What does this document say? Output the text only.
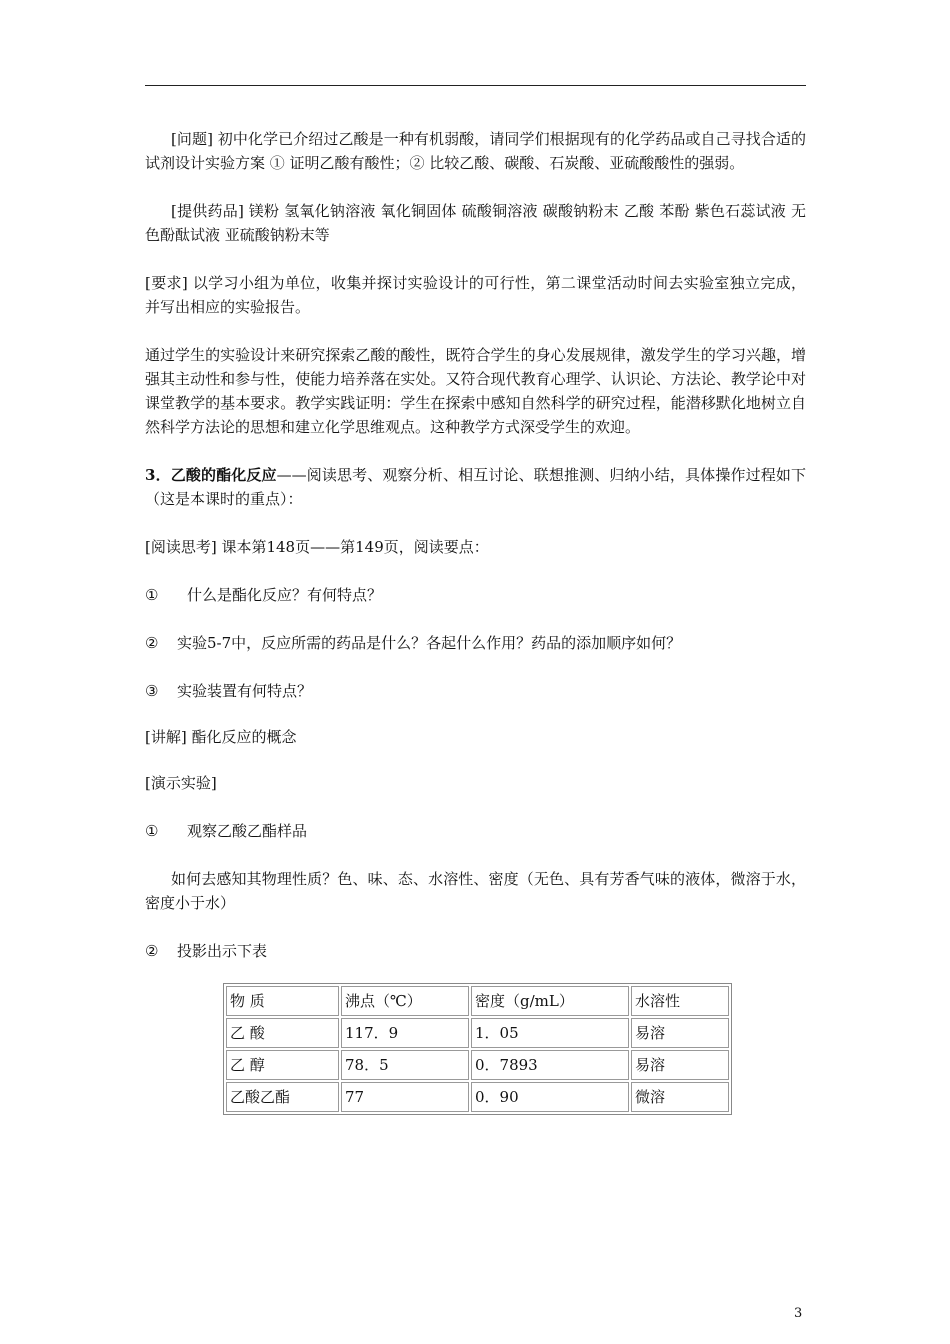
[问题] 初中化学已介绍过乙酸是一种有机弱酸，请同学们根据现有的化学药品或自己寻找合适的试剂设计实验方案 ① 证明乙酸有酸性；② 比较乙酸、碳酸、石炭酸、亚硫酸酸性的强弱。

[提供药品] 镁粉 氢氧化钠溶液 氧化铜固体 硫酸铜溶液 碳酸钠粉末 乙酸 苯酚 紫色石蕊试液 无色酚酞试液 亚硫酸钠粉末等

[要求] 以学习小组为单位，收集并探讨实验设计的可行性，第二课堂活动时间去实验室独立完成，并写出相应的实验报告。

通过学生的实验设计来研究探索乙酸的酸性，既符合学生的身心发展规律，激发学生的学习兴趣，增强其主动性和参与性，使能力培养落在实处。又符合现代教育心理学、认识论、方法论、教学论中对课堂教学的基本要求。教学实践证明：学生在探索中感知自然科学的研究过程，能潜移默化地树立自然科学方法论的思想和建立化学思维观点。这种教学方式深受学生的欢迎。

3．乙酸的酯化反应——阅读思考、观察分析、相互讨论、联想推测、归纳小结，具体操作过程如下（这是本课时的重点）：

[阅读思考] 课本第148页——第149页，阅读要点：

①	什么是酯化反应？有何特点？
②	实验5-7中，反应所需的药品是什么？各起什么作用？药品的添加顺序如何？
③	实验装置有何特点？

[讲解] 酯化反应的概念

[演示实验]

①	观察乙酸乙酯样品

如何去感知其物理性质？色、味、态、水溶性、密度（无色、具有芳香气味的液体，微溶于水，密度小于水）

②	投影出示下表
物 质	沸点（℃）	密度（g/mL）	水溶性
乙 酸	117．9	1．05	易溶
乙 醇	78．5	0．7893	易溶
乙酸乙酯	77	0．90	微溶
3
